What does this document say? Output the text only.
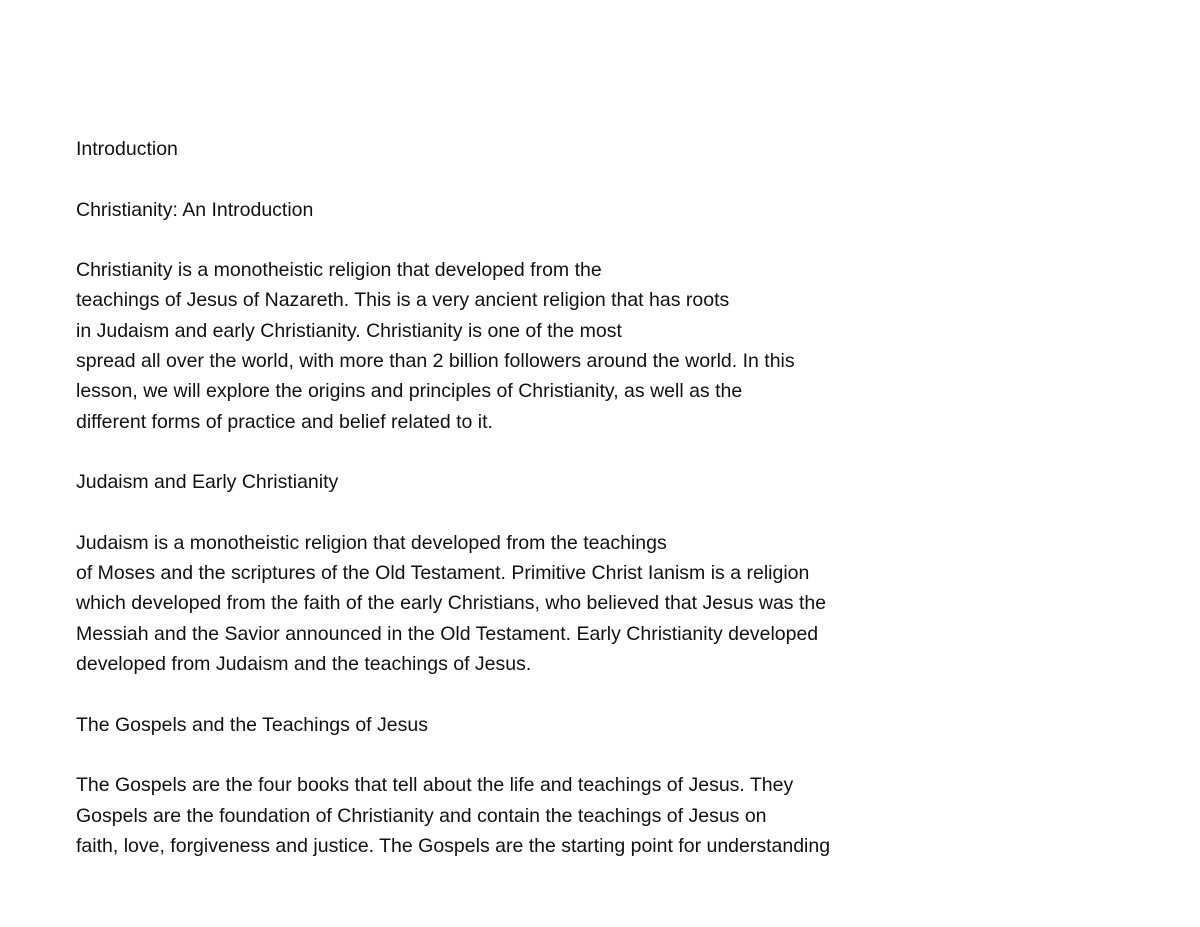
Introduction
Christianity: An Introduction
Christianity is a monotheistic religion that developed from the
teachings of Jesus of Nazareth. This is a very ancient religion that has roots
in Judaism and early Christianity. Christianity is one of the most
spread all over the world, with more than 2 billion followers around the world. In this
lesson, we will explore the origins and principles of Christianity, as well as the
different forms of practice and belief related to it.
Judaism and Early Christianity
Judaism is a monotheistic religion that developed from the teachings
of Moses and the scriptures of the Old Testament. Primitive Christ Ianism is a religion
which developed from the faith of the early Christians, who believed that Jesus was the
Messiah and the Savior announced in the Old Testament. Early Christianity developed
developed from Judaism and the teachings of Jesus.
The Gospels and the Teachings of Jesus
The Gospels are the four books that tell about the life and teachings of Jesus. They
Gospels are the foundation of Christianity and contain the teachings of Jesus on
faith, love, forgiveness and justice. The Gospels are the starting point for understanding
